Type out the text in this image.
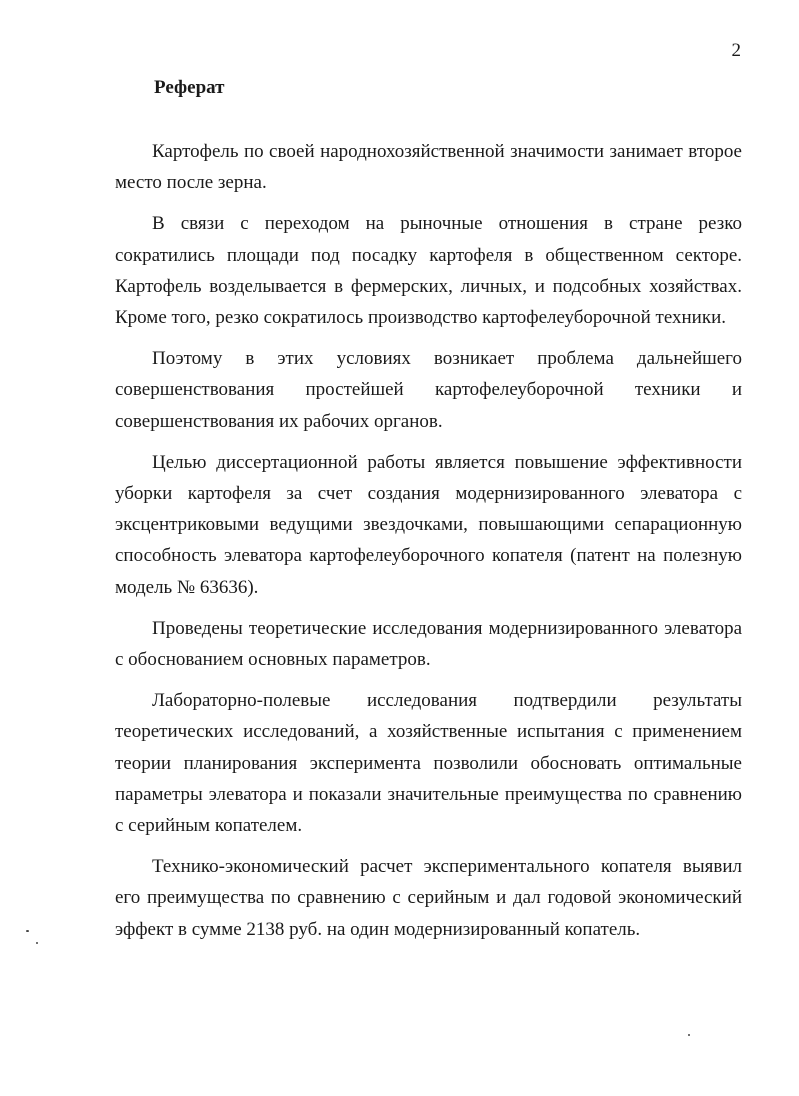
2
Реферат

Картофель по своей народнохозяйственной значимости занимает второе место после зерна.

В связи с переходом на рыночные отношения в стране резко сократились площади под посадку картофеля в общественном секторе. Картофель возделывается в фермерских, личных, и подсобных хозяйствах. Кроме того, резко сократилось производство картофелеуборочной техники.

Поэтому в этих условиях возникает проблема дальнейшего совершенствования простейшей картофелеуборочной техники и совершенствования их рабочих органов.

Целью диссертационной работы является повышение эффективности уборки картофеля за счет создания модернизированного элеватора с эксцентриковыми ведущими звездочками, повышающими сепарационную способность элеватора картофелеуборочного копателя (патент на полезную модель № 63636).

Проведены теоретические исследования модернизированного элеватора с обоснованием основных параметров.

Лабораторно-полевые исследования подтвердили результаты теоретических исследований, а хозяйственные испытания с применением теории планирования эксперимента позволили обосновать оптимальные параметры элеватора и показали значительные преимущества по сравнению с серийным копателем.

Технико-экономический расчет экспериментального копателя выявил его преимущества по сравнению с серийным и дал годовой экономический эффект в сумме 2138 руб. на один модернизированный копатель.
